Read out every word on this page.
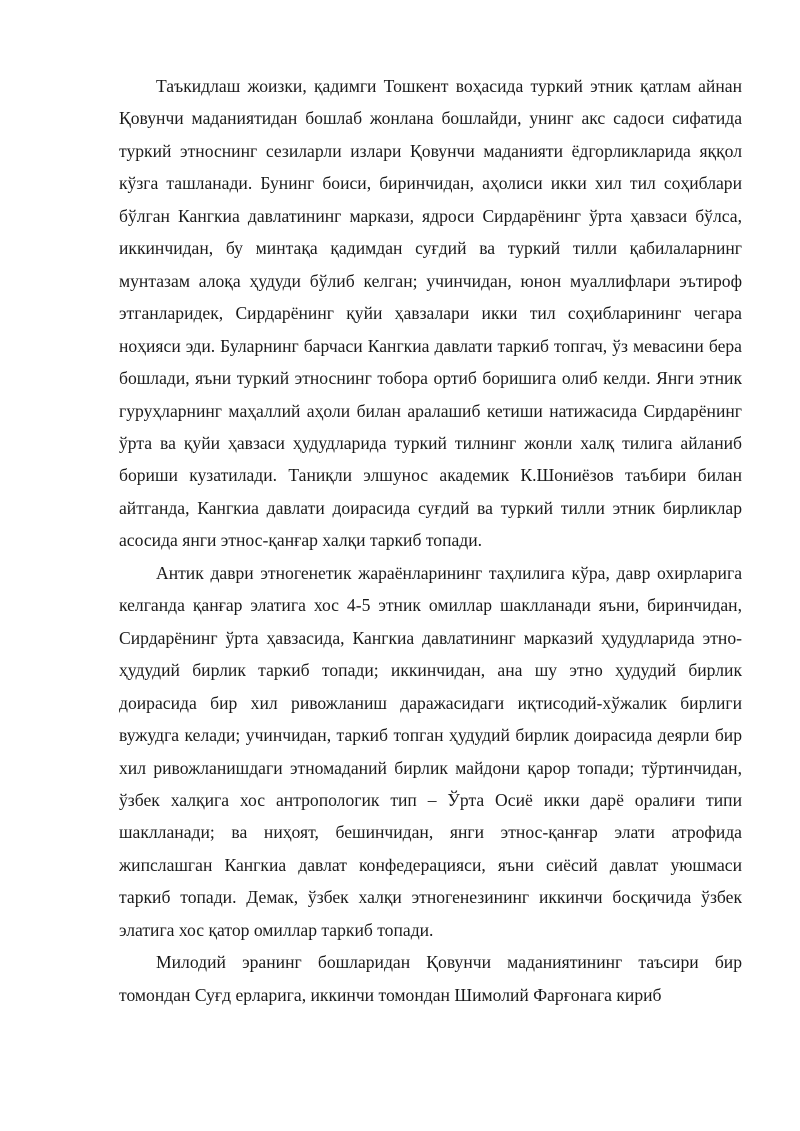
Таъкидлаш жоизки, қадимги Тошкент воҳасида туркий этник қатлам айнан Қовунчи маданиятидан бошлаб жонлана бошлайди, унинг акс садоси сифатида туркий этноснинг сезиларли излари Қовунчи маданияти ёдгорликларида яққол кўзга ташланади. Бунинг боиси, биринчидан, аҳолиси икки хил тил соҳиблари бўлган Кангкиа давлатининг маркази, ядроси Сирдарёнинг ўрта ҳавзаси бўлса, иккинчидан, бу минтақа қадимдан суғдий ва туркий тилли қабилаларнинг мунтазам алоқа ҳудуди бўлиб келган; учинчидан, юнон муаллифлари эътироф этганларидек, Сирдарёнинг қуйи ҳавзалари икки тил соҳибларининг чегара ноҳияси эди. Буларнинг барчаси Кангкиа давлати таркиб топгач, ўз мевасини бера бошлади, яъни туркий этноснинг тобора ортиб боришига олиб келди. Янги этник гуруҳларнинг маҳаллий аҳоли билан аралашиб кетиши натижасида Сирдарёнинг ўрта ва қуйи ҳавзаси ҳудудларида туркий тилнинг жонли халқ тилига айланиб бориши кузатилади. Таниқли элшунос академик К.Шониёзов таъбири билан айтганда, Кангкиа давлати доирасида суғдий ва туркий тилли этник бирликлар асосида янги этнос-қанғар халқи таркиб топади.

Антик даври этногенетик жараёнларининг таҳлилига кўра, давр охирларига келганда қанғар элатига хос 4-5 этник омиллар шаклланади яъни, биринчидан, Сирдарёнинг ўрта ҳавзасида, Кангкиа давлатининг марказий ҳудудларида этно-ҳудудий бирлик таркиб топади; иккинчидан, ана шу этно ҳудудий бирлик доирасида бир хил ривожланиш даражасидаги иқтисодий-хўжалик бирлиги вужудга келади; учинчидан, таркиб топган ҳудудий бирлик доирасида деярли бир хил ривожланишдаги этномаданий бирлик майдони қарор топади; тўртинчидан, ўзбек халқига хос антропологик тип – Ўрта Осиё икки дарё оралиғи типи шаклланади; ва ниҳоят, бешинчидан, янги этнос-қанғар элати атрофида жипслашган Кангкиа давлат конфедерацияси, яъни сиёсий давлат уюшмаси таркиб топади. Демак, ўзбек халқи этногенезининг иккинчи босқичида ўзбек элатига хос қатор омиллар таркиб топади.

Милодий эранинг бошларидан Қовунчи маданиятининг таъсири бир томондан Суғд ерларига, иккинчи томондан Шимолий Фарғонага кириб
